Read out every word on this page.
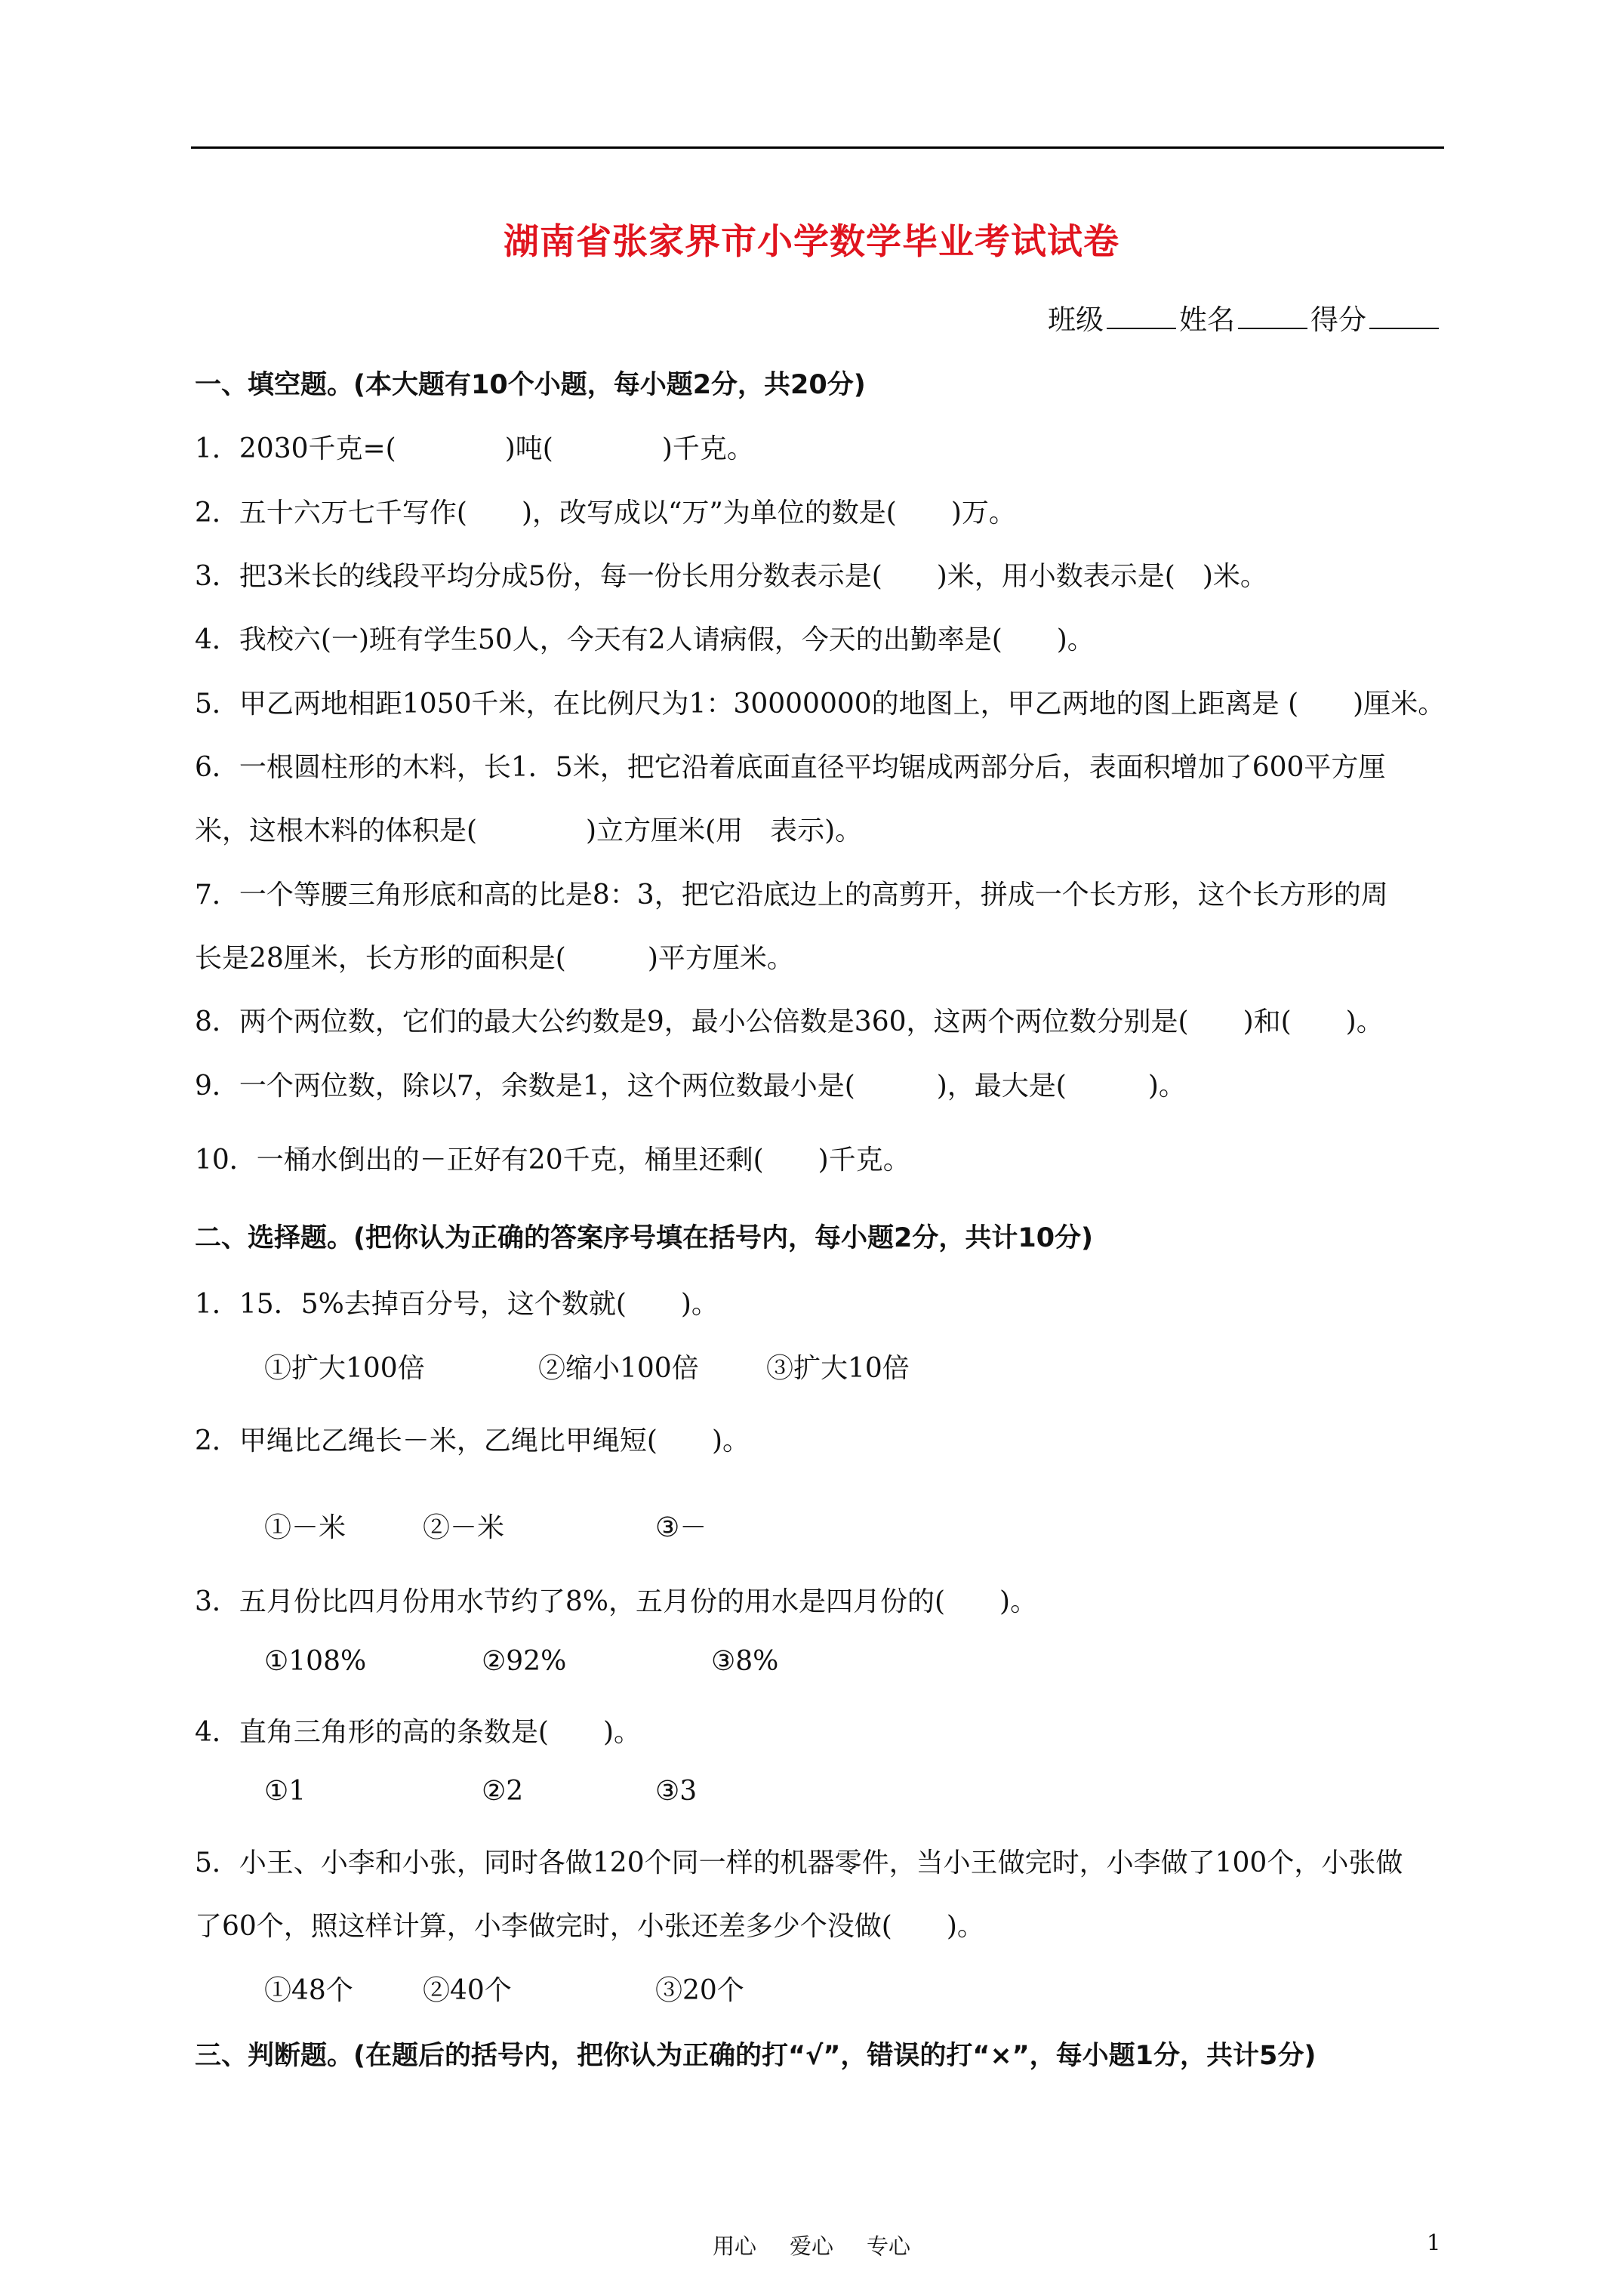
湖南省张家界市小学数学毕业考试试卷
班级	姓名	得分
一、填空题。(本大题有10个小题，每小题2分，共20分)
1．2030千克=(　　　　)吨(　　　　)千克。
2．五十六万七千写作(　　)，改写成以“万”为单位的数是(　　)万。
3．把3米长的线段平均分成5份，每一份长用分数表示是(　　)米，用小数表示是(　)米。
4．我校六(一)班有学生50人，今天有2人请病假，今天的出勤率是(　　)。
5．甲乙两地相距1050千米，在比例尺为1：30000000的地图上，甲乙两地的图上距离是 (　　)厘米。
6．一根圆柱形的木料，长1．5米，把它沿着底面直径平均锯成两部分后，表面积增加了600平方厘
米，这根木料的体积是(　　　　)立方厘米(用　表示)。
7．一个等腰三角形底和高的比是8：3，把它沿底边上的高剪开，拼成一个长方形，这个长方形的周
长是28厘米，长方形的面积是(　　　)平方厘米。
8．两个两位数，它们的最大公约数是9，最小公倍数是360，这两个两位数分别是(　　)和(　　)。
9．一个两位数，除以7，余数是1，这个两位数最小是(　　　)，最大是(　　　)。
10．一桶水倒出的－正好有20千克，桶里还剩(　　)千克。
二、选择题。(把你认为正确的答案序号填在括号内，每小题2分，共计10分)
1．15．5%去掉百分号，这个数就(　　)。
①扩大100倍	②缩小100倍 ③扩大10倍
2．甲绳比乙绳长－米，乙绳比甲绳短(　　)。
①－米	②－米	③－
3．五月份比四月份用水节约了8%，五月份的用水是四月份的(　　)。
①108%	②92%	③8%
4．直角三角形的高的条数是(　　)。
①1	②2	③3
5．小王、小李和小张，同时各做120个同一样的机器零件，当小王做完时，小李做了100个，小张做
了60个，照这样计算，小李做完时，小张还差多少个没做(　　)。
①48个	②40个	③20个
三、判断题。(在题后的括号内，把你认为正确的打“√”，错误的打“×”，每小题1分，共计5分)
用心 爱心 专心	1
